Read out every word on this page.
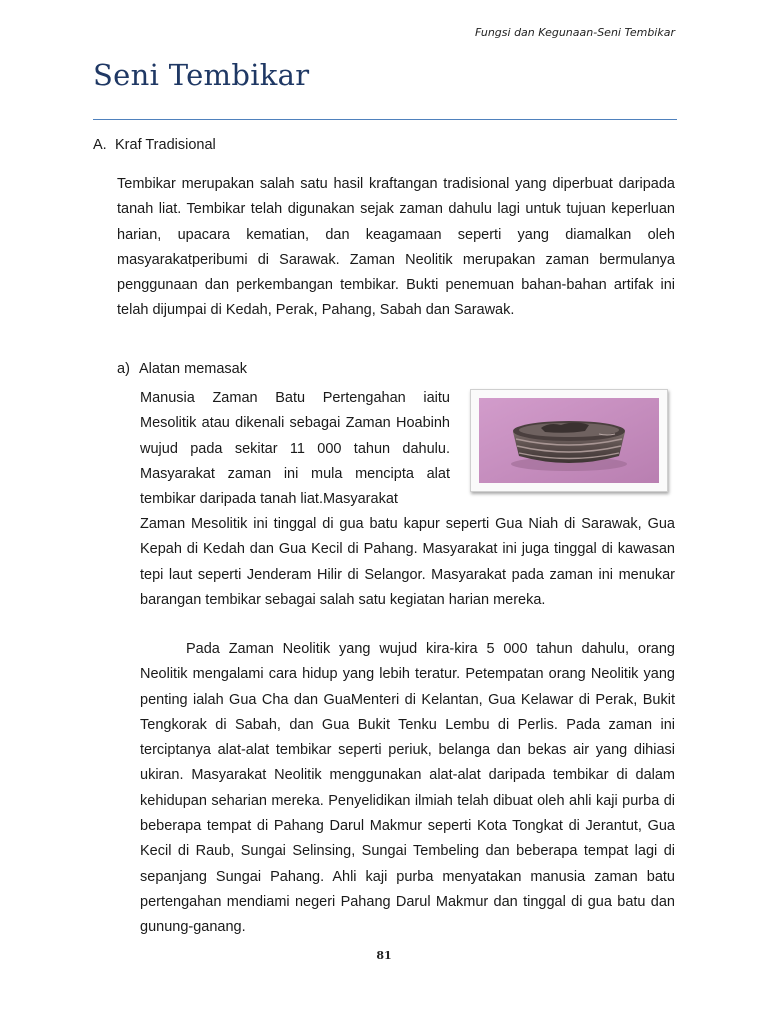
Fungsi dan Kegunaan-Seni Tembikar
Seni Tembikar
A. Kraf Tradisional

Tembikar merupakan salah satu hasil kraftangan tradisional yang diperbuat daripada tanah liat. Tembikar telah digunakan sejak zaman dahulu lagi untuk tujuan keperluan harian, upacara kematian, dan keagamaan seperti yang diamalkan oleh masyarakatperibumi di Sarawak. Zaman Neolitik merupakan zaman bermulanya penggunaan dan perkembangan tembikar. Bukti penemuan bahan-bahan artifak ini telah dijumpai di Kedah, Perak, Pahang, Sabah dan Sarawak.

a) Alatan memasak

Manusia Zaman Batu Pertengahan iaitu Mesolitik atau dikenali sebagai Zaman Hoabinh wujud pada sekitar 11 000 tahun dahulu. Masyarakat zaman ini mula mencipta alat tembikar daripada tanah liat.Masyarakat

Zaman Mesolitik ini tinggal di gua batu kapur seperti Gua Niah di Sarawak, Gua Kepah di Kedah dan Gua Kecil di Pahang. Masyarakat ini juga tinggal di kawasan tepi laut seperti Jenderam Hilir di Selangor. Masyarakat pada zaman ini menukar barangan tembikar sebagai salah satu kegiatan harian mereka.

Pada Zaman Neolitik yang wujud kira-kira 5 000 tahun dahulu, orang Neolitik mengalami cara hidup yang lebih teratur. Petempatan orang Neolitik yang penting ialah Gua Cha dan GuaMenteri di Kelantan, Gua Kelawar di Perak, Bukit Tengkorak di Sabah, dan Gua Bukit Tenku Lembu di Perlis. Pada zaman ini terciptanya alat-alat tembikar seperti periuk, belanga dan bekas air yang dihiasi ukiran. Masyarakat Neolitik menggunakan alat-alat daripada tembikar di dalam kehidupan seharian mereka. Penyelidikan ilmiah telah dibuat oleh ahli kaji purba di beberapa tempat di Pahang Darul Makmur seperti Kota Tongkat di Jerantut, Gua Kecil di Raub, Sungai Selinsing, Sungai Tembeling dan beberapa tempat lagi di sepanjang Sungai Pahang. Ahli kaji purba menyatakan manusia zaman batu pertengahan mendiami negeri Pahang Darul Makmur dan tinggal di gua batu dan gunung-ganang.

81
